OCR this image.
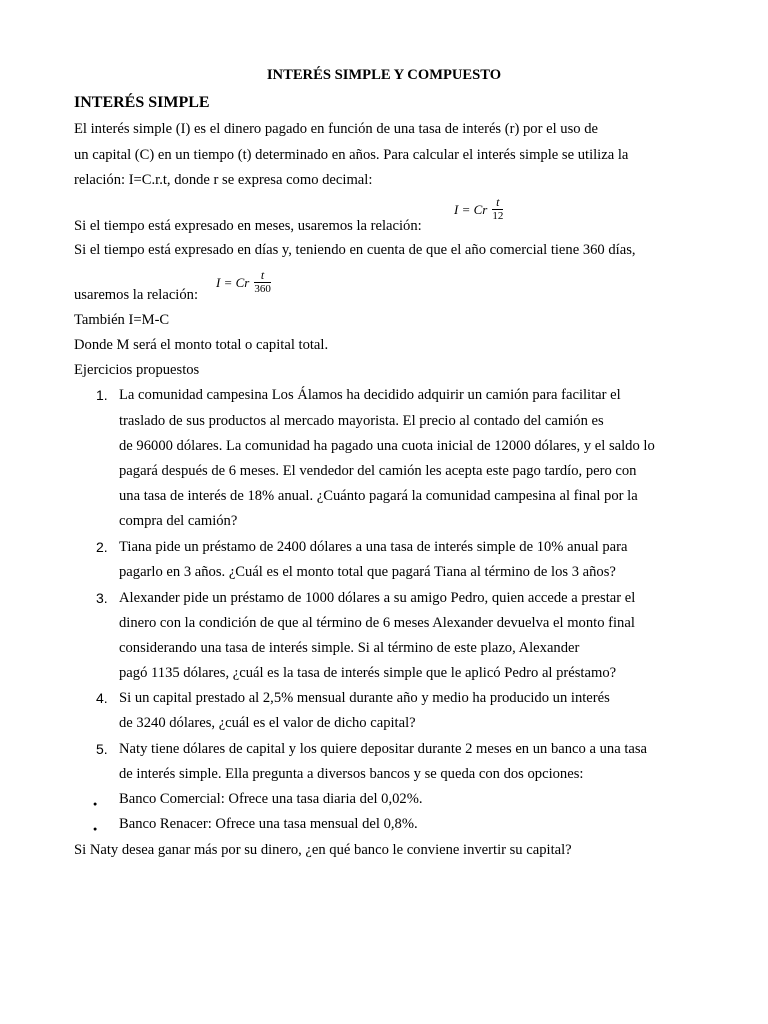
INTERÉS SIMPLE Y COMPUESTO
INTERÉS SIMPLE
El interés simple (I) es el dinero pagado en función de una tasa de interés (r) por el uso de
un capital (C) en un tiempo (t) determinado en años. Para calcular el interés simple se utiliza la
relación: I=C.r.t, donde r se expresa como decimal:
Si el tiempo está expresado en meses, usaremos la relación:
I = Cr $\frac{t}{12}$
Si el tiempo está expresado en días y, teniendo en cuenta de que el año comercial tiene 360 días,
usaremos la relación:
I = Cr $\frac{t}{360}$
También I=M-C
Donde M será el monto total o capital total.
Ejercicios propuestos
1. La comunidad campesina Los Álamos ha decidido adquirir un camión para facilitar el
traslado de sus productos al mercado mayorista. El precio al contado del camión es
de 96000 dólares. La comunidad ha pagado una cuota inicial de 12000 dólares, y el saldo lo
pagará después de 6 meses. El vendedor del camión les acepta este pago tardío, pero con
una tasa de interés de 18% anual. ¿Cuánto pagará la comunidad campesina al final por la
compra del camión?
2. Tiana pide un préstamo de 2400 dólares a una tasa de interés simple de 10% anual para
pagarlo en 3 años. ¿Cuál es el monto total que pagará Tiana al término de los 3 años?
3. Alexander pide un préstamo de 1000 dólares a su amigo Pedro, quien accede a prestar el
dinero con la condición de que al término de 6 meses Alexander devuelva el monto final
considerando una tasa de interés simple. Si al término de este plazo, Alexander
pagó 1135 dólares, ¿cuál es la tasa de interés simple que le aplicó Pedro al préstamo?
4. Si un capital prestado al 2,5% mensual durante año y medio ha producido un interés
de 3240 dólares, ¿cuál es el valor de dicho capital?
5. Naty tiene dólares de capital y los quiere depositar durante 2 meses en un banco a una tasa
de interés simple. Ella pregunta a diversos bancos y se queda con dos opciones:
● Banco Comercial: Ofrece una tasa diaria del 0,02%.
● Banco Renacer: Ofrece una tasa mensual del 0,8%.
Si Naty desea ganar más por su dinero, ¿en qué banco le conviene invertir su capital?
